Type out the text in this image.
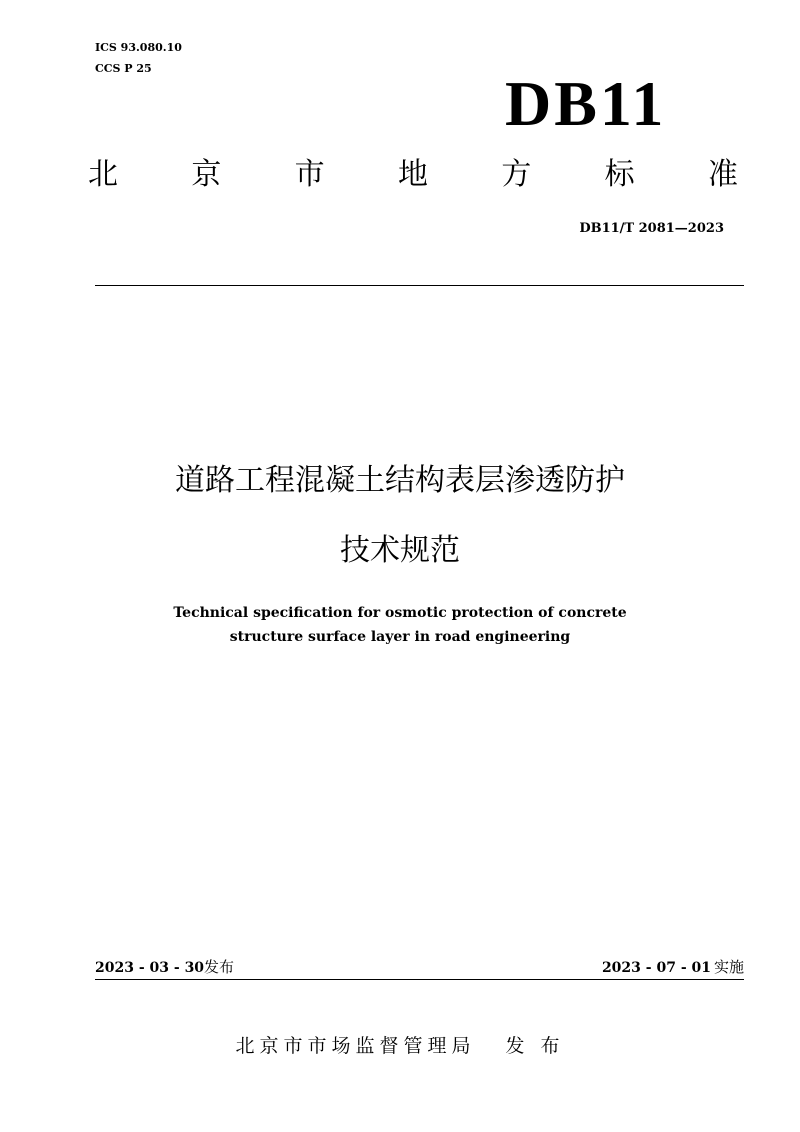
ICS 93.080.10
CCS P 25	DB11
北 京 市 地 方 标 准
DB11/T 2081—2023
道路工程混凝土结构表层渗透防护
技术规范
Technical specification for osmotic protection of concrete
structure surface layer in road engineering
2023 - 03 - 30发布	2023 - 07 - 01 实施
北京市市场监督管理局 发 布
